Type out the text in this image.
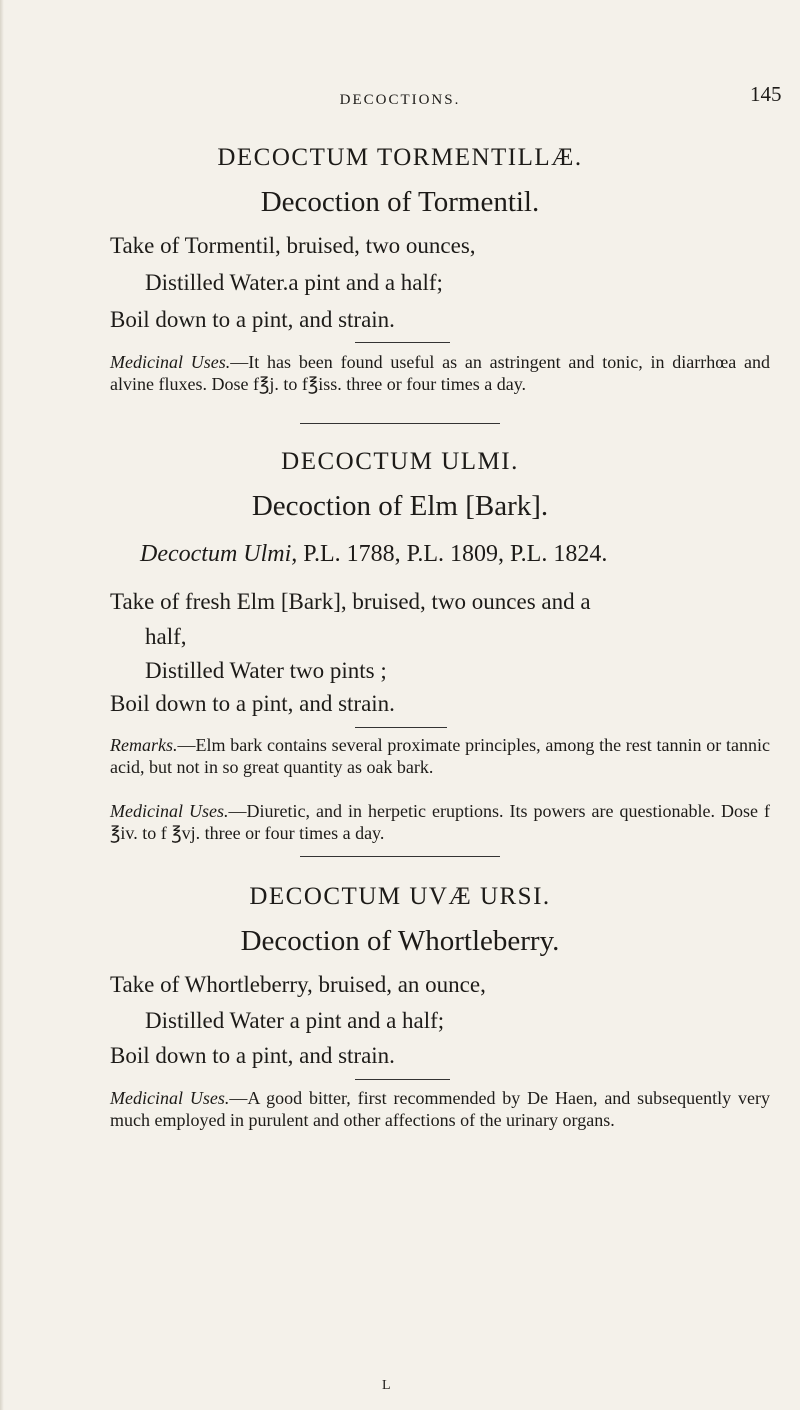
DECOCTIONS.	145
DECOCTUM TORMENTILLÆ.
Decoction of Tormentil.
Take of Tormentil, bruised, two ounces,
Distilled Water.a pint and a half;
Boil down to a pint, and strain.
Medicinal Uses.—It has been found useful as an astringent and tonic, in diarrhœa and alvine fluxes. Dose f℥j. to f℥iss. three or four times a day.
DECOCTUM ULMI.
Decoction of Elm [Bark].
Decoctum Ulmi, P.L. 1788, P.L. 1809, P.L. 1824.
Take of fresh Elm [Bark], bruised, two ounces and a
half,
Distilled Water two pints ;
Boil down to a pint, and strain.
Remarks.—Elm bark contains several proximate principles, among the rest tannin or tannic acid, but not in so great quantity as oak bark.
Medicinal Uses.—Diuretic, and in herpetic eruptions. Its powers are questionable. Dose f ℥iv. to f ℥vj. three or four times a day.
DECOCTUM UVÆ URSI.
Decoction of Whortleberry.
Take of Whortleberry, bruised, an ounce,
Distilled Water a pint and a half;
Boil down to a pint, and strain.
Medicinal Uses.—A good bitter, first recommended by De Haen, and subsequently very much employed in purulent and other affections of the urinary organs.
L
